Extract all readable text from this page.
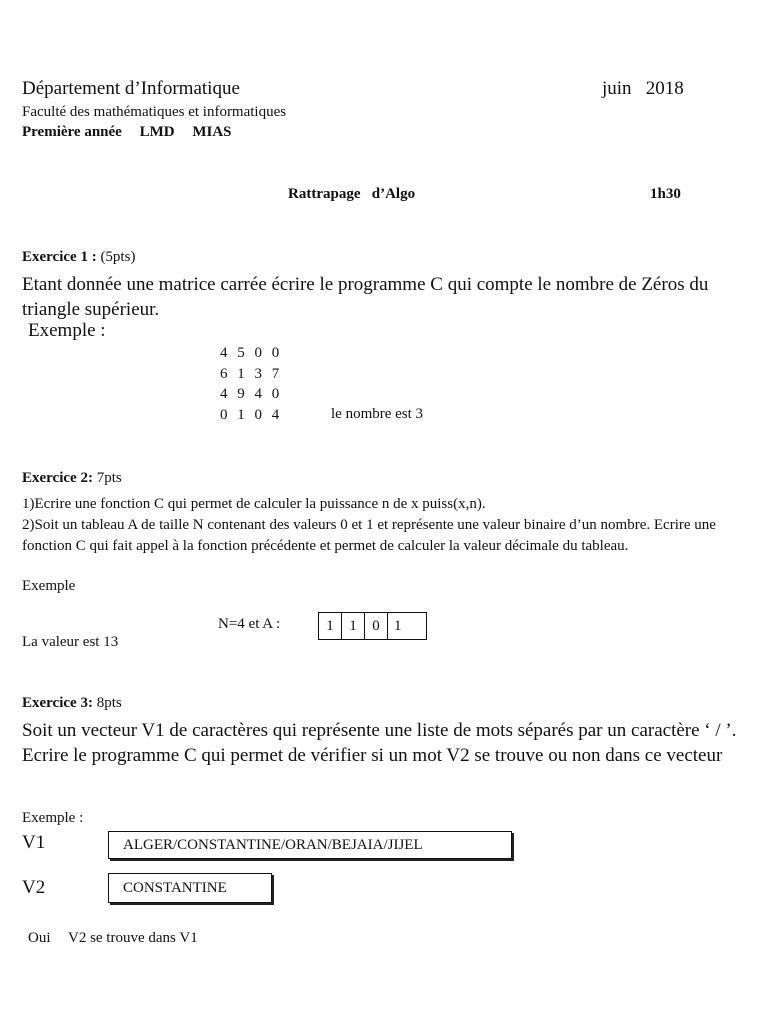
Département d’Informatique	juin   2018
Faculté des mathématiques et informatiques
Première année LMD MIAS
Rattrapage   d’Algo	1h30
Exercice 1 : (5pts)
Etant donnée une matrice carrée écrire le programme C qui compte le nombre de Zéros du triangle supérieur.
Exemple :
4 5 0 0
6 1 3 7
4 9 4 0
0 1 0 4	le nombre est 3
Exercice 2: 7pts
1)Ecrire une fonction C qui permet de calculer la puissance n de x puiss(x,n).
2)Soit un tableau A de taille N contenant des valeurs 0 et 1 et représente une valeur binaire d’un nombre. Ecrire une fonction C qui fait appel à la fonction précédente et permet de calculer la valeur décimale du tableau.
Exemple
N=4 et A :	1	1	0 1
La valeur est 13
Exercice 3: 8pts
Soit un vecteur V1 de caractères qui représente une liste de mots séparés par un caractère ‘ / ’. Ecrire le programme C qui permet de vérifier si un mot V2 se trouve ou non dans ce vecteur
Exemple :
V1	ALGER/CONSTANTINE/ORAN/BEJAIA/JIJEL
V2	CONSTANTINE
Oui V2 se trouve dans V1
